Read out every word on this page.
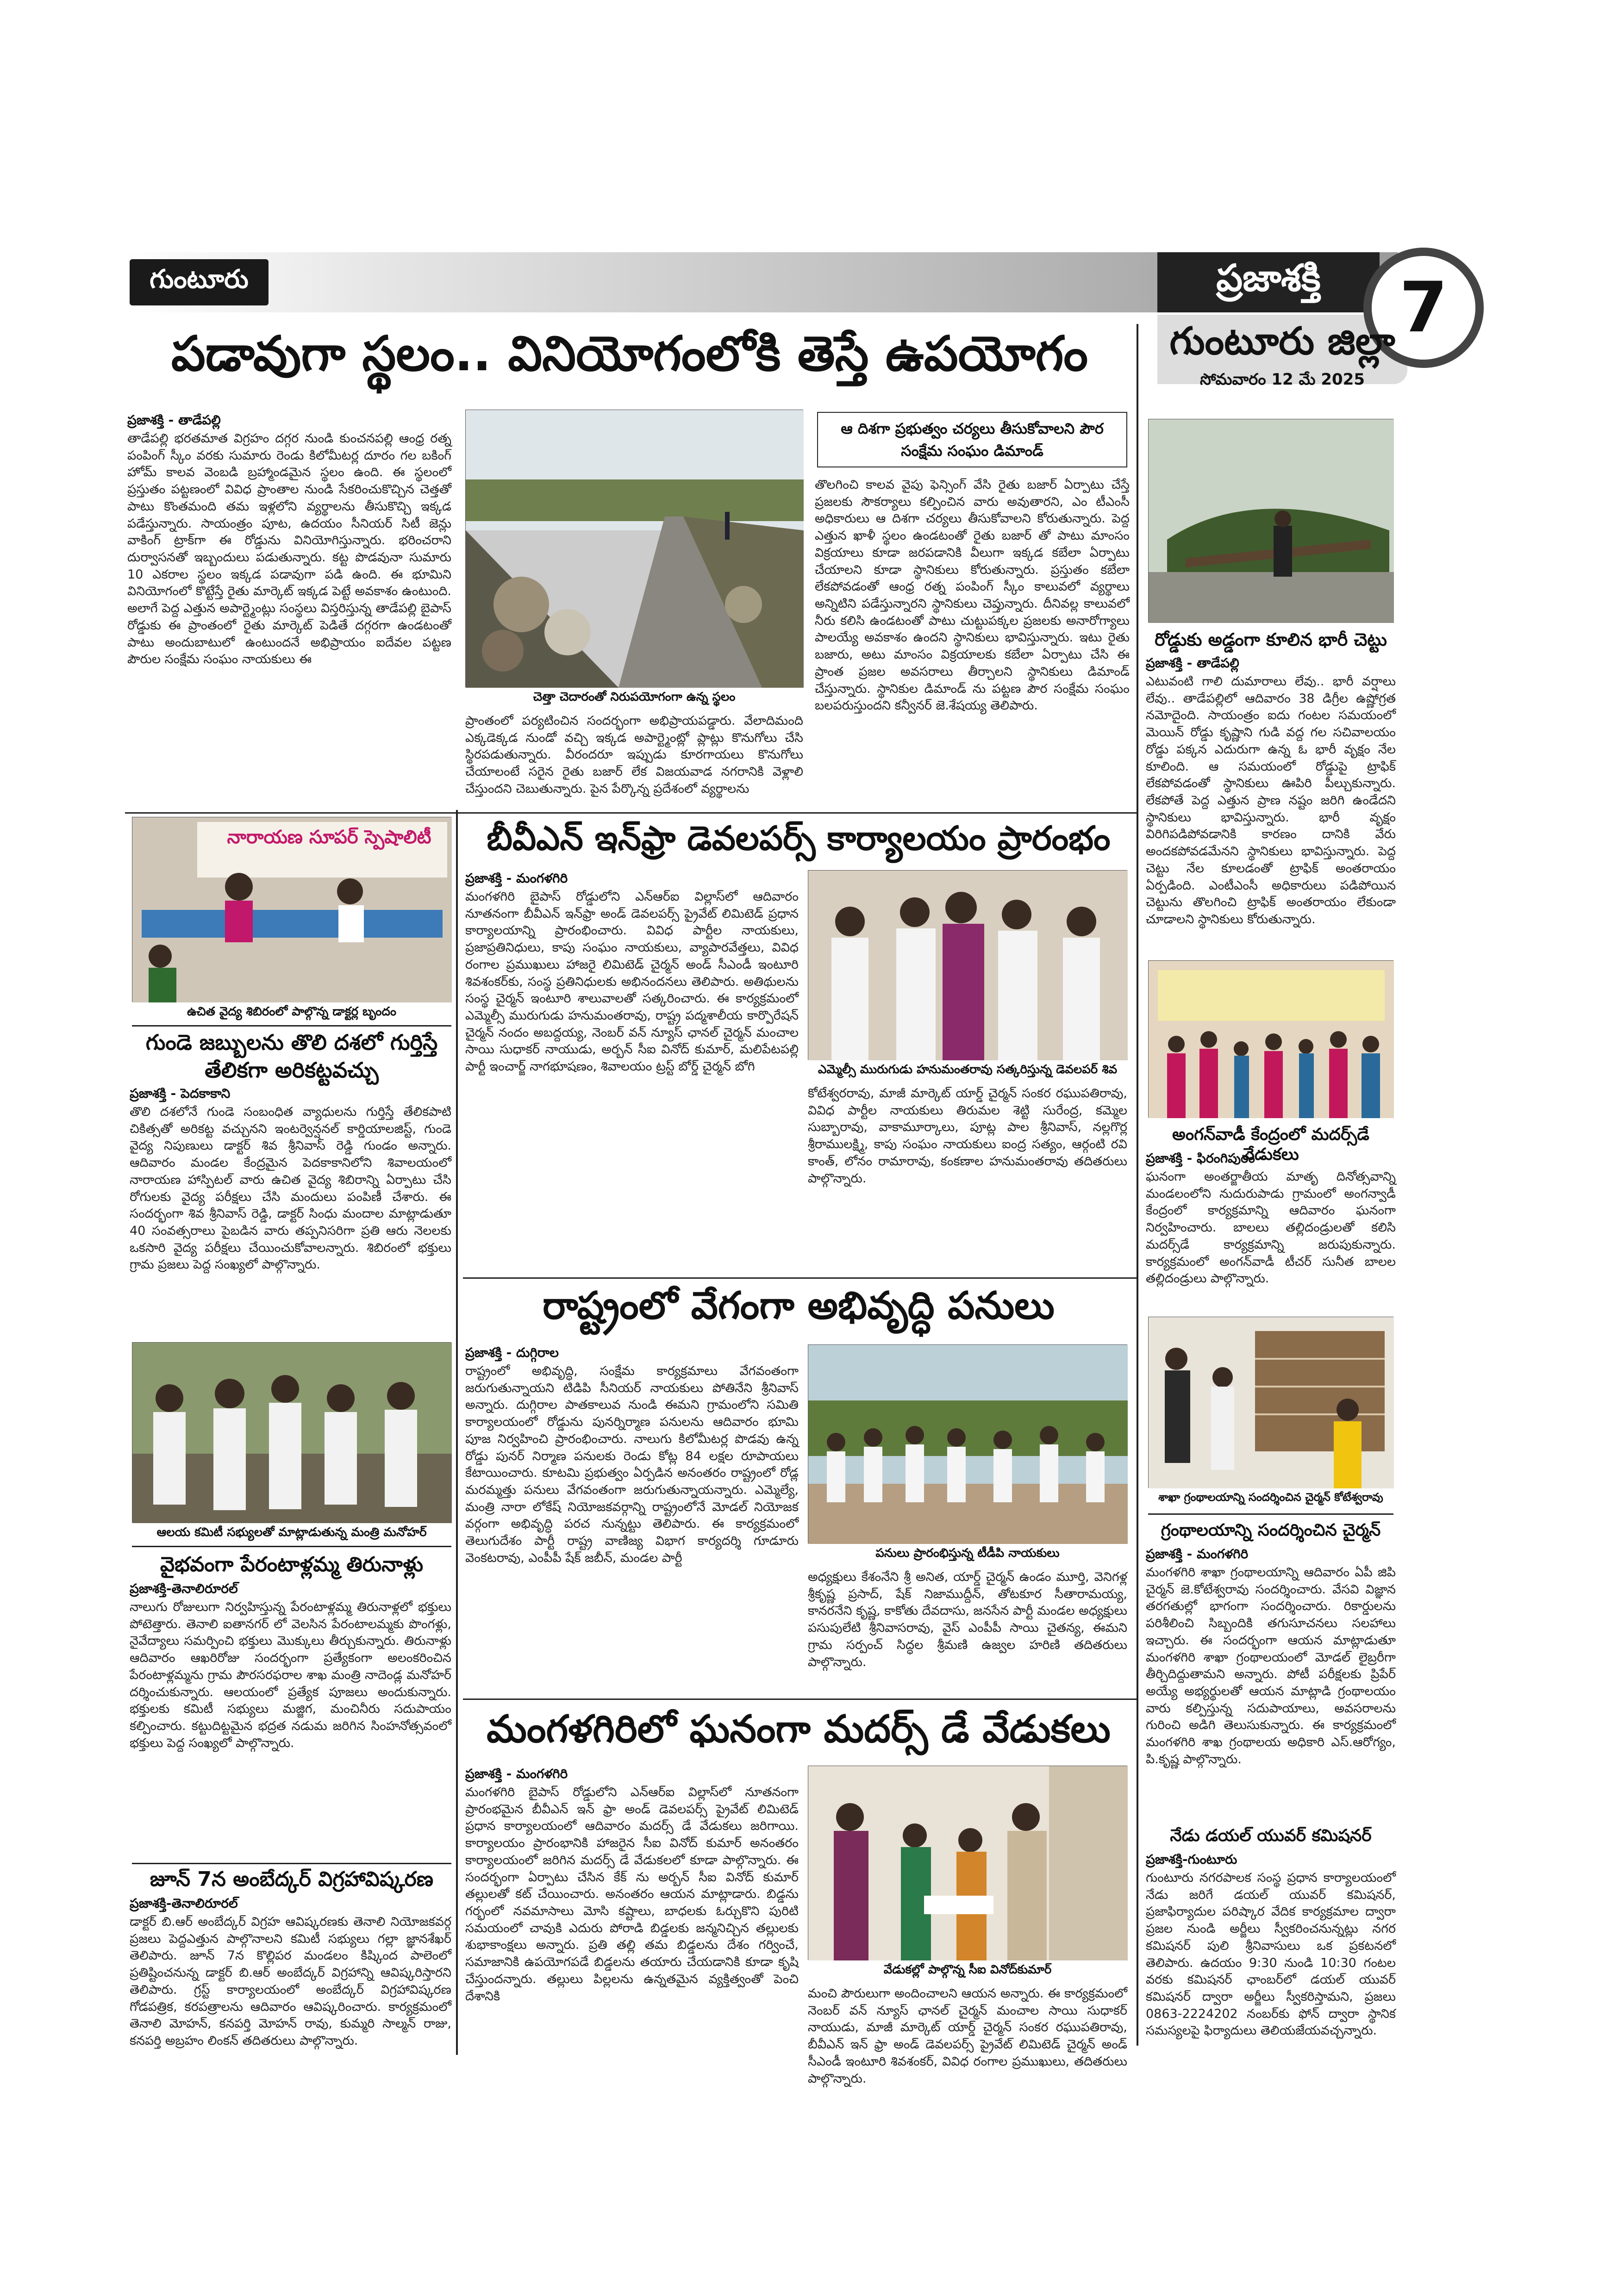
గుంటూరు	ప్రజాశక్తి	7
గుంటూరు జిల్లా
సోమవారం 12 మే 2025
పడావుగా స్థలం.. వినియోగంలోకి తెస్తే ఉపయోగం
ప్రజాశక్తి - తాడేపల్లి
తాడేపల్లి భరతమాత విగ్రహం దగ్గర నుండి కుంచనపల్లి ఆంధ్ర రత్న పంపింగ్ స్కీం వరకు సుమారు రెండు కిలోమీటర్ల దూరం గల బకింగ్ హోమ్ కాలవ వెంబడి బ్రహ్మాండమైన స్థలం ఉంది. ఈ స్థలంలో ప్రస్తుతం పట్టణంలో వివిధ ప్రాంతాల నుండి సేకరించుకొచ్చిన చెత్తతో పాటు కొంతమంది తమ ఇళ్లలోని వ్యర్థాలను తీసుకొచ్చి ఇక్కడ పడేస్తున్నారు. సాయంత్రం పూట, ఉదయం సీనియర్ సిటీ జెన్లు వాకింగ్ ట్రాక్‌గా ఈ రోడ్డును వినియోగిస్తున్నారు. భరించరాని దుర్వాసనతో ఇబ్బందులు పడుతున్నారు. కట్ట పొడవునా సుమారు 10 ఎకరాల స్థలం ఇక్కడ పడావుగా పడి ఉంది. ఈ భూమిని వినియోగంలో కొట్టేస్తే రైతు మార్కెట్ ఇక్కడ పెట్టే అవకాశం ఉంటుంది. అలాగే పెద్ద ఎత్తున అపార్ట్మెంట్లు సంస్థలు విస్తరిస్తున్న తాడేపల్లి బైపాస్ రోడ్డుకు ఈ ప్రాంతంలో రైతు మార్కెట్ పెడితే దగ్గరగా ఉండటంతో పాటు అందుబాటులో ఉంటుందనే అభిప్రాయం ఐదేవల పట్టణ పౌరుల సంక్షేమ సంఘం నాయకులు ఈ
చెత్తా చెదారంతో నిరుపయోగంగా ఉన్న స్థలం
ప్రాంతంలో పర్యటించిన సందర్భంగా అభిప్రాయపడ్డారు. వేలాదిమంది ఎక్కడెక్కడ నుండో వచ్చి ఇక్కడ అపార్ట్మెంట్లో ప్లాట్లు కొనుగోలు చేసి స్థిరపడుతున్నారు. వీరందరూ ఇప్పుడు కూరగాయలు కొనుగోలు చేయాలంటే సరైన రైతు బజార్ లేక విజయవాడ నగరానికి వెళ్లాలి చేస్తుందని చెబుతున్నారు. పైన పేర్కొన్న ప్రదేశంలో వ్యర్థాలను
ఆ దిశగా ప్రభుత్వం చర్యలు తీసుకోవాలని పౌర సంక్షేమ సంఘం డిమాండ్
తొలగించి కాలవ వైపు ఫెన్సింగ్ వేసి రైతు బజార్ ఏర్పాటు చేస్తే ప్రజలకు సౌకర్యాలు కల్పించిన వారు అవుతారని, ఎం టీఎంసీ అధికారులు ఆ దిశగా చర్యలు తీసుకోవాలని కోరుతున్నారు. పెద్ద ఎత్తున ఖాళీ స్థలం ఉండటంతో రైతు బజార్ తో పాటు మాంసం విక్రయాలు కూడా జరపడానికి వీలుగా ఇక్కడ కబేలా ఏర్పాటు చేయాలని కూడా స్థానికులు కోరుతున్నారు. ప్రస్తుతం కబేలా లేకపోవడంతో ఆంధ్ర రత్న పంపింగ్ స్కీం కాలువలో వ్యర్థాలు అన్నిటిని పడేస్తున్నారని స్థానికులు చెప్తున్నారు. దీనివల్ల కాలువలో నీరు కలిసి ఉండటంతో పాటు చుట్టుపక్కల ప్రజలకు అనారోగ్యాలు పాలయ్యే అవకాశం ఉందని స్థానికులు భావిస్తున్నారు. ఇటు రైతు బజారు, అటు మాంసం విక్రయాలకు కబేలా ఏర్పాటు చేసి ఈ ప్రాంత ప్రజల అవసరాలు తీర్చాలని స్థానికులు డిమాండ్ చేస్తున్నారు. స్థానికుల డిమాండ్ ను పట్టణ పౌర సంక్షేమ సంఘం బలపరుస్తుందని కన్వీనర్ జె.శేషయ్య తెలిపారు.
నారాయణ సూపర్ స్పెషాలిటీ
ఉచిత వైద్య శిబిరంలో పాల్గొన్న డాక్టర్ల బృందం
గుండె జబ్బులను తొలి దశలో గుర్తిస్తే
తేలికగా అరికట్టవచ్చు
ప్రజాశక్తి - పెదకాకాని
తొలి దశలోనే గుండె సంబంధిత వ్యాధులను గుర్తిస్తే తేలికపాటి చికిత్సతో అరికట్ట వచ్చునని ఇంటర్వెన్షనల్ కార్డియాలజిస్ట్, గుండె వైద్య నిపుణులు డాక్టర్ శివ శ్రీనివాస్ రెడ్డి గుండం అన్నారు. ఆదివారం మండల కేంద్రమైన పెదకాకానిలోని శివాలయంలో నారాయణ హాస్పిటల్ వారు ఉచిత వైద్య శిబిరాన్ని ఏర్పాటు చేసి రోగులకు వైద్య పరీక్షలు చేసి మందులు పంపిణీ చేశారు. ఈ సందర్భంగా శివ శ్రీనివాస్ రెడ్డి, డాక్టర్ సింధు మందాల మాట్లాడుతూ 40 సంవత్సరాలు పైబడిన వారు తప్పనిసరిగా ప్రతి ఆరు నెలలకు ఒకసారి వైద్య పరీక్షలు చేయించుకోవాలన్నారు. శిబిరంలో భక్తులు గ్రామ ప్రజలు పెద్ద సంఖ్యలో పాల్గొన్నారు.
ఆలయ కమిటీ సభ్యులతో మాట్లాడుతున్న మంత్రి మనోహర్
వైభవంగా పేరంటాళ్లమ్మ తిరునాళ్లు
ప్రజాశక్తి-తెనాలిరూరల్
నాలుగు రోజులుగా నిర్వహిస్తున్న పేరంటాళ్లమ్మ తిరునాళ్లలో భక్తులు పోటెత్తారు. తెనాలి ఐతానగర్ లో వెలసిన పేరంటాలమ్మకు పొంగళ్లు, నైవేద్యాలు సమర్పించి భక్తులు మొక్కులు తీర్చుకున్నారు. తిరునాళ్లు ఆదివారం ఆఖరిరోజు సందర్భంగా ప్రత్యేకంగా అలంకరించిన పేరంటాళ్లమ్మను గ్రామ పౌరసరఫరాల శాఖ మంత్రి నాదెండ్ల మనోహర్ దర్శించుకున్నారు. ఆలయంలో ప్రత్యేక పూజలు అందుకున్నారు. భక్తులకు కమిటీ సభ్యులు మజ్జిగ, మంచినీరు సదుపాయం కల్పించారు. కట్టుదిట్టమైన భద్రత నడుమ జరిగిన సింహనోత్సవంలో భక్తులు పెద్ద సంఖ్యలో పాల్గొన్నారు.
జూన్ 7న అంబేద్కర్ విగ్రహావిష్కరణ
ప్రజాశక్తి-తెనాలిరూరల్
డాక్టర్ బి.ఆర్ అంబేద్కర్ విగ్రహ ఆవిష్కరణకు తెనాలి నియోజకవర్గ ప్రజలు పెద్దఎత్తున పాల్గొనాలని కమిటీ సభ్యులు గల్లా జ్ఞానశేఖర్ తెలిపారు. జూన్ 7న కొల్లిపర మండలం కిష్కింద పాలెంలో ప్రతిష్టించనున్న డాక్టర్ బి.ఆర్ అంబేద్కర్ విగ్రహాన్ని ఆవిష్కరిస్తారని తెలిపారు. గ్రస్ట్ కార్యాలయంలో అంబేద్కర్ విగ్రహావిష్కరణ గోడపత్రిక, కరపత్రాలను ఆదివారం ఆవిష్కరించారు. కార్యక్రమంలో తెనాలి మోహన్, కనపర్తి మోహన్ రావు, కుమ్మరి సాల్మన్ రాజు, కనపర్తి అబ్రహం లింకన్ తదితరులు పాల్గొన్నారు.
బీవీఎన్ ఇన్‌ఫ్రా డెవలపర్స్ కార్యాలయం ప్రారంభం
ప్రజాశక్తి - మంగళగిరి
మంగళగిరి బైపాస్ రోడ్డులోని ఎన్ఆర్ఐ విల్లాస్‌లో ఆదివారం నూతనంగా బీవీఎన్ ఇన్‌ఫ్రా అండ్ డెవలపర్స్ ప్రైవేట్ లిమిటెడ్ ప్రధాన కార్యాలయాన్ని ప్రారంభించారు. వివిధ పార్టీల నాయకులు, ప్రజాప్రతినిధులు, కాపు సంఘం నాయకులు, వ్యాపారవేత్తలు, వివిధ రంగాల ప్రముఖులు హాజరై లిమిటెడ్ చైర్మన్ అండ్ సీఎండీ ఇంటూరి శివశంకర్‌కు, సంస్థ ప్రతినిధులకు అభినందనలు తెలిపారు. అతిథులను సంస్థ చైర్మన్ ఇంటూరి శాలువాలతో సత్కరించారు. ఈ కార్యక్రమంలో ఎమ్మెల్సీ మురుగుడు హనుమంతరావు, రాష్ట్ర పద్మశాలీయ కార్పొరేషన్ చైర్మన్ నందం అబద్దయ్య, నెంబర్ వన్ న్యూస్ ఛానల్ చైర్మన్ మంచాల సాయి సుధాకర్ నాయుడు, అర్బన్ సీఐ వినోద్ కుమార్, మలిపేటపల్లి పార్టీ ఇంచార్జ్ నాగభూషణం, శివాలయం ట్రస్ట్ బోర్డ్ చైర్మన్ బోగి	ఎమ్మెల్సీ మురుగుడు హనుమంతరావు సత్కరిస్తున్న డెవలపర్ శివ
కోటేశ్వరరావు, మాజీ మార్కెట్ యార్డ్ చైర్మన్ సంకర రఘుపతిరావు, వివిధ పార్టీల నాయకులు తిరుమల శెట్టి సురేంద్ర, కమ్మెల సుబ్బారావు, వాకామూర్కాలు, పూట్ల పాల శ్రీనివాస్, నల్లగొర్ల శ్రీరాములక్ష్మి, కాపు సంఘం నాయకులు ఐంద్ర సత్యం, ఆర్గంటి రవి కాంత్, లోనం రామారావు, కంకణాల హనుమంతరావు తదితరులు పాల్గొన్నారు.
రాష్ట్రంలో వేగంగా అభివృద్ధి పనులు
ప్రజాశక్తి - దుగ్గిరాల
రాష్ట్రంలో అభివృద్ధి, సంక్షేమ కార్యక్రమాలు వేగవంతంగా జరుగుతున్నాయని టిడిపి సీనియర్ నాయకులు పోతినేని శ్రీనివాస్ అన్నారు. దుగ్గిరాల పాతకాలువ నుండి ఈమని గ్రామంలోని సమితి కార్యాలయంలో రోడ్డును పునర్నిర్మాణ పనులను ఆదివారం భూమి పూజ నిర్వహించి ప్రారంభించారు. నాలుగు కిలోమీటర్ల పొడవు ఉన్న రోడ్డు పునర్ నిర్మాణ పనులకు రెండు కోట్ల 84 లక్షల రూపాయలు కేటాయించారు. కూటమి ప్రభుత్వం ఏర్పడిన అనంతరం రాష్ట్రంలో రోడ్ల మరమ్మత్తు పనులు వేగవంతంగా జరుగుతున్నాయన్నారు. ఎమ్మెల్యే, మంత్రి నారా లోకేష్ నియోజకవర్గాన్ని రాష్ట్రంలోనే మోడల్ నియోజక వర్గంగా అభివృద్ధి పరచ నున్నట్టు తెలిపారు. ఈ కార్యక్రమంలో తెలుగుదేశం పార్టీ రాష్ట్ర వాణిజ్య విభాగ కార్యదర్శి గూడూరు వెంకటరావు, ఎంపీపీ షేక్ జబీన్, మండల పార్టీ	పనులు ప్రారంభిస్తున్న టీడీపి నాయకులు
అధ్యక్షులు కేశంనేని శ్రీ అనిత, యార్డ్ చైర్మన్ ఉండం మూర్తి, వెనిగళ్ల శ్రీకృష్ణ ప్రసాద్, షేక్ నిజాముద్దీన్, తోటకూర సీతారామయ్య, కానరనేని కృష్ణ, కాకోతు దేవదాసు, జనసేన పార్టీ మండల అధ్యక్షులు పసుపులేటి శ్రీనివాసరావు, వైస్ ఎంపీపీ సాయి చైతన్య, ఈమని గ్రామ సర్పంచ్ సిద్ధల శ్రీమణి ఉజ్వల హరిణి తదితరులు పాల్గొన్నారు.
మంగళగిరిలో ఘనంగా మదర్స్ డే వేడుకలు
ప్రజాశక్తి - మంగళగిరి
మంగళగిరి బైపాస్ రోడ్డులోని ఎన్ఆర్ఐ విల్లాస్‌లో నూతనంగా ప్రారంభమైన బీవీఎన్ ఇన్ ఫ్రా అండ్ డెవలపర్స్ ప్రైవేట్ లిమిటెడ్ ప్రధాన కార్యాలయంలో ఆదివారం మదర్స్ డే వేడుకలు జరిగాయి. కార్యాలయం ప్రారంభానికి హాజరైన సీఐ వినోద్ కుమార్ అనంతరం కార్యాలయంలో జరిగిన మదర్స్ డే వేడుకలలో కూడా పాల్గొన్నారు. ఈ సందర్భంగా ఏర్పాటు చేసిన కేక్ ను అర్బన్ సీఐ వినోద్ కుమార్ తల్లులతో కట్ చేయించారు. అనంతరం ఆయన మాట్లాడారు. బిడ్డను గర్భంలో నవమాసాలు మోసి కష్టాలు, బాధలకు ఓర్చుకొని పురిటి సమయంలో చావుకి ఎదురు పోరాడి బిడ్డలకు జన్మనిచ్చిన తల్లులకు శుభాకాంక్షలు అన్నారు. ప్రతి తల్లి తమ బిడ్డలను దేశం గర్వించే, సమాజానికి ఉపయోగపడే బిడ్డలను తయారు చేయడానికి కూడా కృషి చేస్తుందన్నారు. తల్లులు పిల్లలను ఉన్నతమైన వ్యక్తిత్వంతో పెంచి దేశానికి
వేడుకల్లో పాల్గొన్న సీఐ వినోద్‌కుమార్
మంచి పౌరులుగా అందించాలని ఆయన అన్నారు. ఈ కార్యక్రమంలో నెంబర్ వన్ న్యూస్ ఛానల్ చైర్మన్ మంచాల సాయి సుధాకర్ నాయుడు, మాజీ మార్కెట్ యార్డ్ చైర్మన్ సంకర రఘుపతిరావు, బీవీఎన్ ఇన్ ఫ్రా అండ్ డెవలపర్స్ ప్రైవేట్ లిమిటెడ్ చైర్మన్ అండ్ సీఎండీ ఇంటూరి శివశంకర్, వివిధ రంగాల ప్రముఖులు, తదితరులు పాల్గొన్నారు.
రోడ్డుకు అడ్డంగా కూలిన భారీ చెట్టు
ప్రజాశక్తి - తాడేపల్లి
ఎటువంటి గాలి దుమారాలు లేవు.. భారీ వర్షాలు లేవు.. తాడేపల్లిలో ఆదివారం 38 డిగ్రీల ఉష్ణోగ్రత నమోదైంది. సాయంత్రం ఐదు గంటల సమయంలో మెయిన్ రోడ్డు కృష్ణాని గుడి వద్ద గల సచివాలయం రోడ్డు పక్కన ఎదురుగా ఉన్న ఓ భారీ వృక్షం నేల కూలింది. ఆ సమయంలో రోడ్డుపై ట్రాఫిక్ లేకపోవడంతో స్థానికులు ఊపిరి పీల్చుకున్నారు. లేకపోతే పెద్ద ఎత్తున ప్రాణ నష్టం జరిగి ఉండేదని స్థానికులు భావిస్తున్నారు. భారీ వృక్షం విరిగిపడిపోవడానికి కారణం దానికి వేరు అందకపోవడమేనని స్థానికులు భావిస్తున్నారు. పెద్ద చెట్టు నేల కూలడంతో ట్రాఫిక్ అంతరాయం ఏర్పడింది. ఎంటీఎంసీ అధికారులు పడిపోయిన చెట్టును తొలగించి ట్రాఫిక్ అంతరాయం లేకుండా చూడాలని స్థానికులు కోరుతున్నారు.
అంగన్‌వాడీ కేంద్రంలో మదర్స్‌డే వేడుకలు
ప్రజాశక్తి - ఫిరంగిపురం
ఘనంగా అంతర్జాతీయ మాతృ దినోత్సవాన్ని మండలంలోని నుదురుపాడు గ్రామంలో అంగన్వాడీ కేంద్రంలో కార్యక్రమాన్ని ఆదివారం ఘనంగా నిర్వహించారు. బాలలు తల్లిదండ్రులతో కలిసి మదర్స్‌డే కార్యక్రమాన్ని జరుపుకున్నారు. కార్యక్రమంలో అంగన్‌వాడీ టీచర్ సునీత బాలల తల్లిదండ్రులు పాల్గొన్నారు.
శాఖా గ్రంథాలయాన్ని సందర్శించిన చైర్మన్ కోటేశ్వరావు
గ్రంథాలయాన్ని సందర్శించిన చైర్మన్
ప్రజాశక్తి - మంగళగిరి
మంగళగిరి శాఖా గ్రంథాలయాన్ని ఆదివారం ఏపీ జిపి చైర్మన్ జె.కోటేశ్వరావు సందర్శించారు. వేసవి విజ్ఞాన తరగతుల్లో భాగంగా సందర్శించారు. రికార్డులను పరిశీలించి సిబ్బందికి తగుసూచనలు సలహాలు ఇచ్చారు. ఈ సందర్భంగా ఆయన మాట్లాడుతూ మంగళగిరి శాఖా గ్రంథాలయంలో మోడల్ లైబ్రరీగా తీర్చిదిద్దుతామని అన్నారు. పోటీ పరీక్షలకు ప్రిపేర్ అయ్యే అభ్యర్థులతో ఆయన మాట్లాడి గ్రంథాలయం వారు కల్పిస్తున్న సదుపాయాలు, అవసరాలను గురించి అడిగి తెలుసుకున్నారు. ఈ కార్యక్రమంలో మంగళగిరి శాఖ గ్రంథాలయ అధికారి ఎస్.ఆరోగ్యం, పి.కృష్ణ పాల్గొన్నారు.
నేడు డయల్ యువర్ కమిషనర్
ప్రజాశక్తి-గుంటూరు
గుంటూరు నగరపాలక సంస్థ ప్రధాన కార్యాలయంలో నేడు జరిగే డయల్ యువర్ కమిషనర్, ప్రజాఫిర్యాదుల పరిష్కార వేదిక కార్యక్రమాల ద్వారా ప్రజల నుండి అర్జీలు స్వీకరించనున్నట్లు నగర కమిషనర్ పులి శ్రీనివాసులు ఒక ప్రకటనలో తెలిపారు. ఉదయం 9:30 నుండి 10:30 గంటల వరకు కమిషనర్ ఛాంబర్‌లో డయల్ యువర్ కమిషనర్ ద్వారా అర్జీలు స్వీకరిస్తామని, ప్రజలు 0863-2224202 నంబర్‌కు ఫోన్ ద్వారా స్థానిక సమస్యలపై ఫిర్యాదులు తెలియజేయవచ్చన్నారు.
